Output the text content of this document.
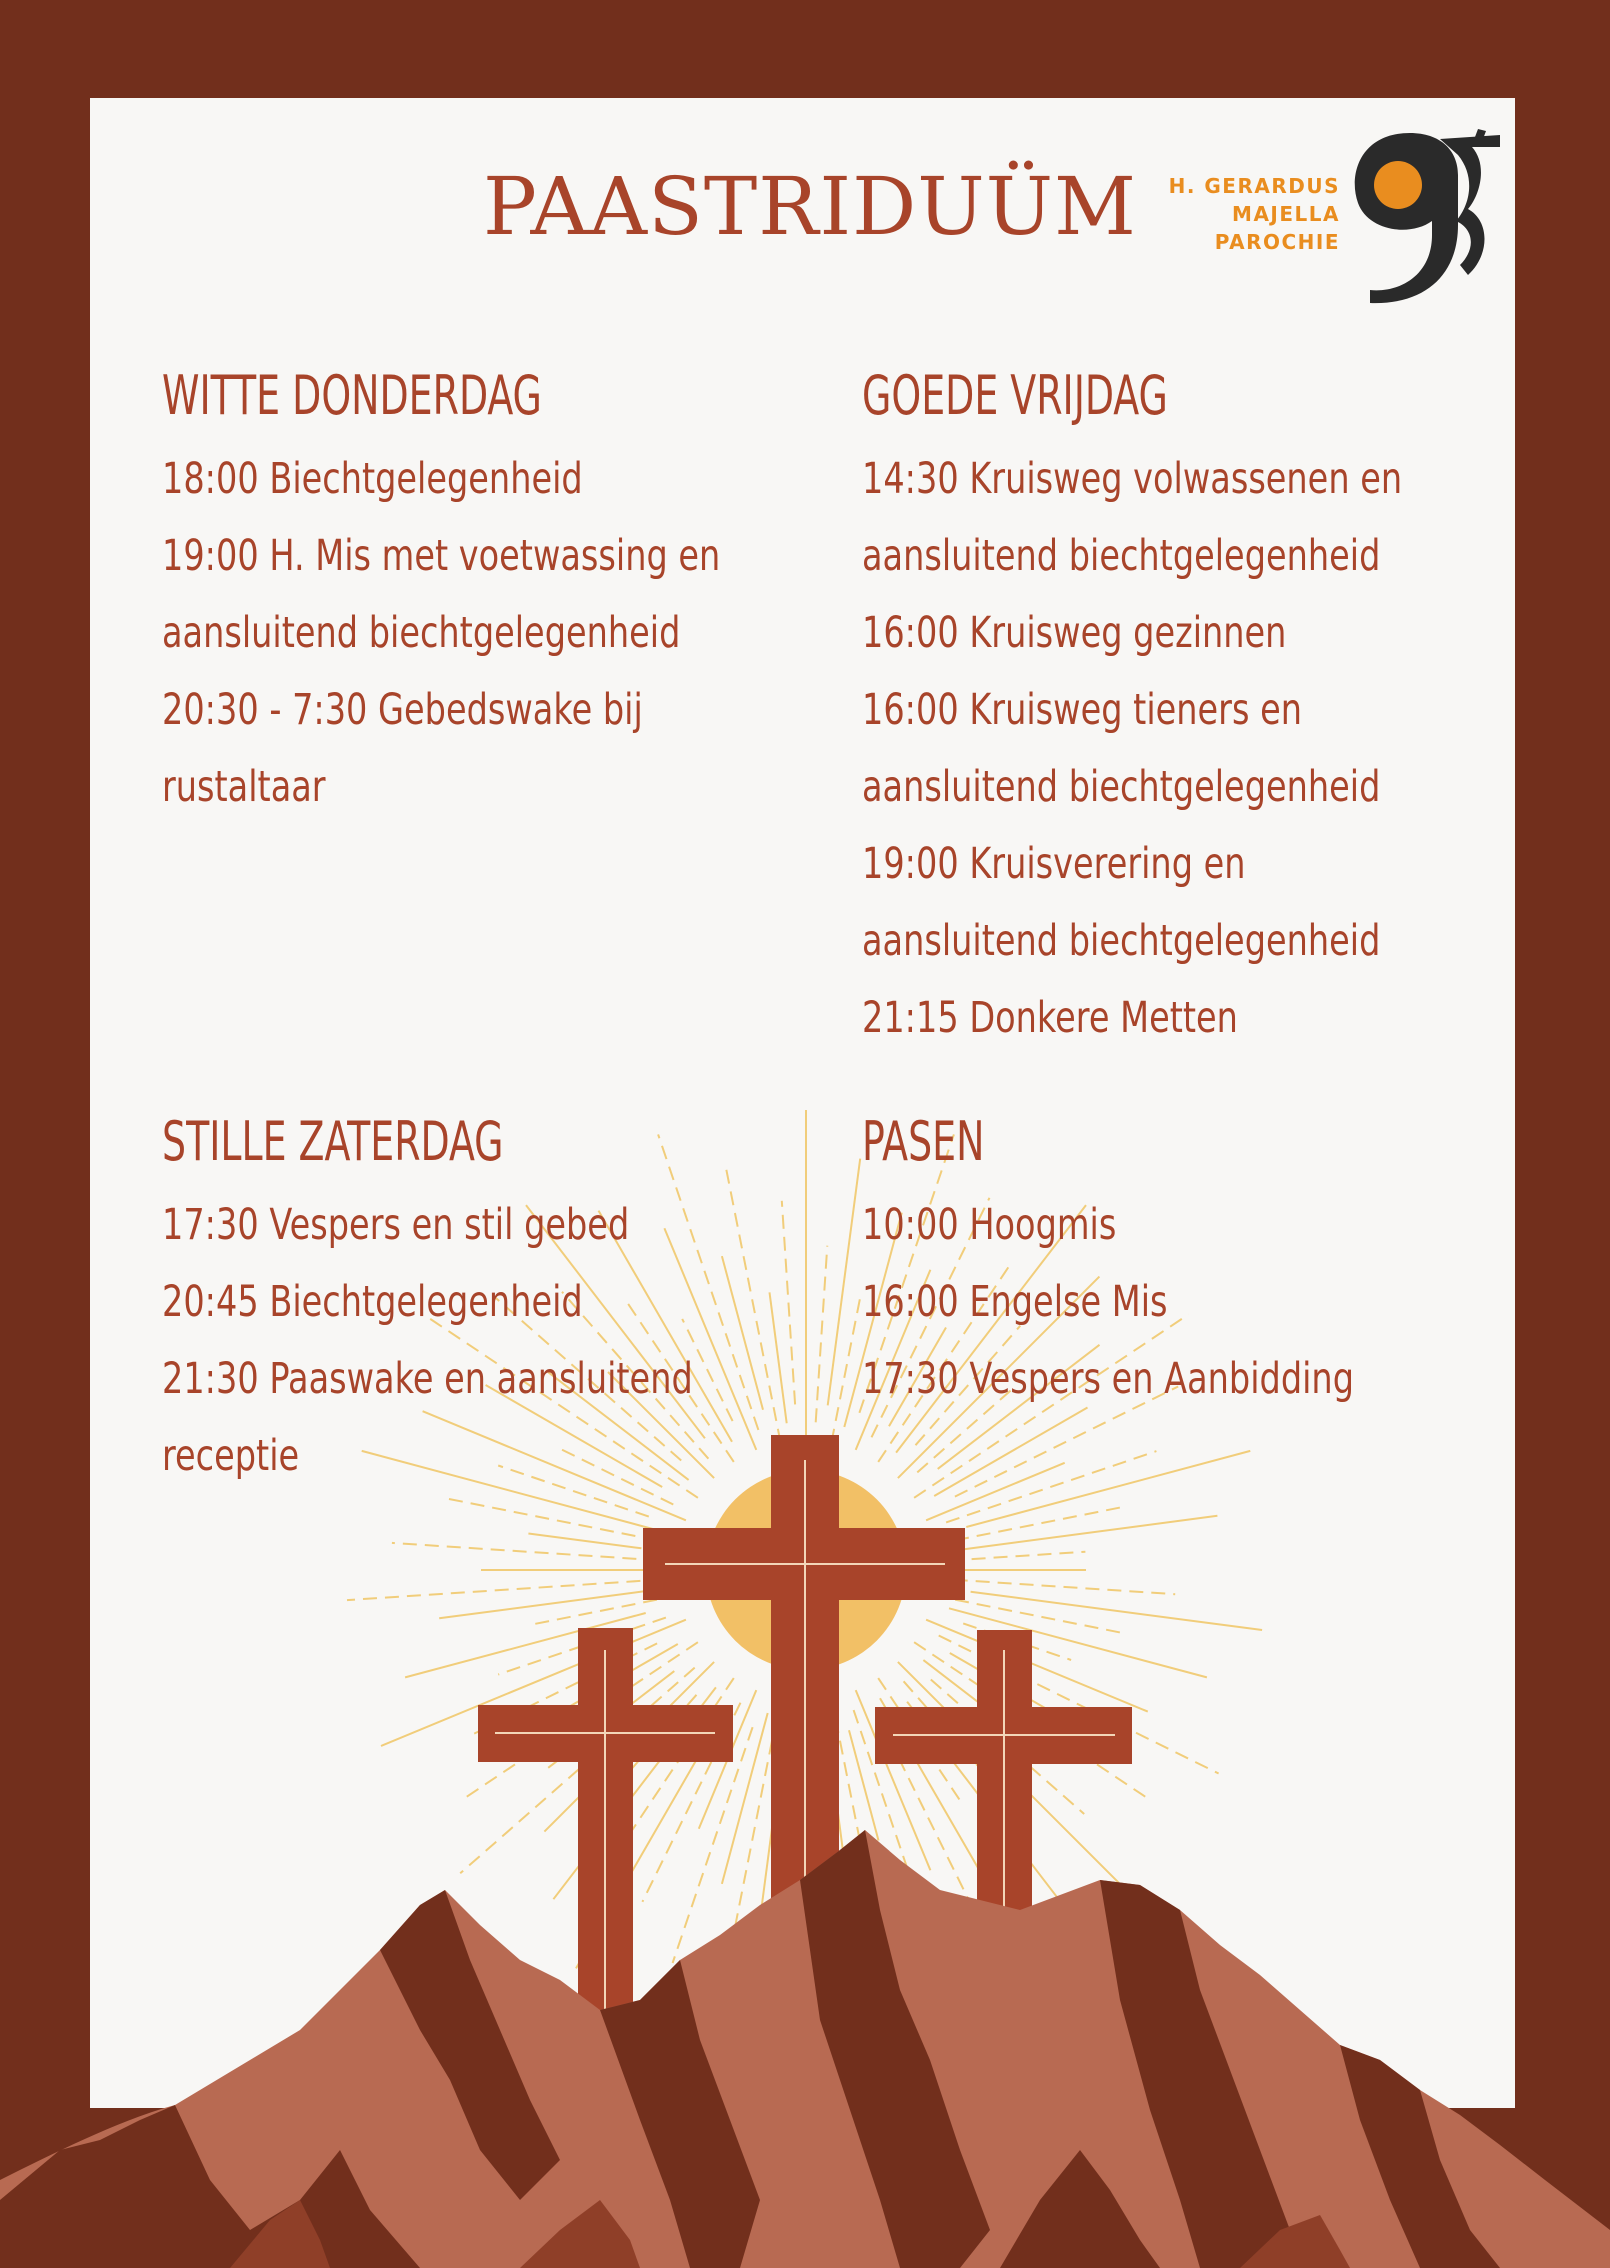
PAASTRIDUÜM	H. GERARDUS
MAJELLA
PAROCHIE

WITTE DONDERDAG

18:00 Biechtgelegenheid

19:00 H. Mis met voetwassing en

aansluitend biechtgelegenheid

20:30 - 7:30 Gebedswake bij

rustaltaar

GOEDE VRIJDAG

14:30 Kruisweg volwassenen en

aansluitend biechtgelegenheid

16:00 Kruisweg gezinnen

16:00 Kruisweg tieners en

aansluitend biechtgelegenheid

19:00 Kruisverering en

aansluitend biechtgelegenheid

21:15 Donkere Metten

STILLE ZATERDAG

17:30 Vespers en stil gebed

20:45 Biechtgelegenheid

21:30 Paaswake en aansluitend

receptie

PASEN

10:00 Hoogmis

16:00 Engelse Mis

17:30 Vespers en Aanbidding
